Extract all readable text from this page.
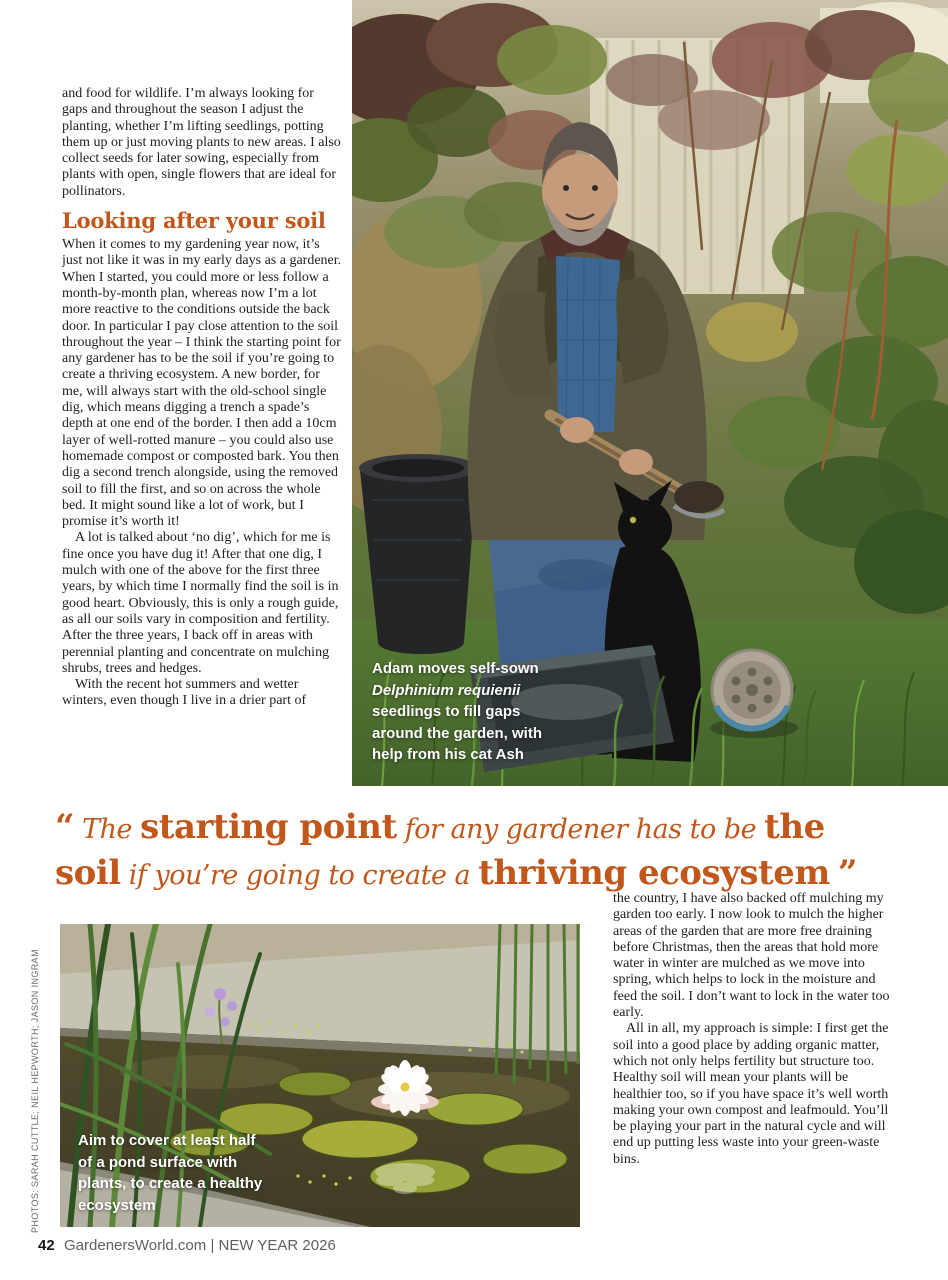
and food for wildlife. I’m always looking for gaps and throughout the season I adjust the planting, whether I’m lifting seedlings, potting them up or just moving plants to new areas. I also collect seeds for later sowing, especially from plants with open, single flowers that are ideal for pollinators.

Looking after your soil

When it comes to my gardening year now, it’s just not like it was in my early days as a gardener. When I started, you could more or less follow a month-by-month plan, whereas now I’m a lot more reactive to the conditions outside the back door. In particular I pay close attention to the soil throughout the year – I think the starting point for any gardener has to be the soil if you’re going to create a thriving ecosystem. A new border, for me, will always start with the old-school single dig, which means digging a trench a spade’s depth at one end of the border. I then add a 10cm layer of well-rotted manure – you could also use homemade compost or composted bark. You then dig a second trench alongside, using the removed soil to fill the first, and so on across the whole bed. It might sound like a lot of work, but I promise it’s worth it!

A lot is talked about ‘no dig’, which for me is fine once you have dug it! After that one dig, I mulch with one of the above for the first three years, by which time I normally find the soil is in good heart. Obviously, this is only a rough guide, as all our soils vary in composition and fertility. After the three years, I back off in areas with perennial planting and concentrate on mulching shrubs, trees and hedges.

With the recent hot summers and wetter winters, even though I live in a drier part of

Adam moves self-sown Delphinium requienii seedlings to fill gaps around the garden, with help from his cat Ash
“ The starting point for any gardener has to be the
soil if you’re going to create a thriving ecosystem ”
Aim to cover at least half of a pond surface with plants, to create a healthy ecosystem

the country, I have also backed off mulching my garden too early. I now look to mulch the higher areas of the garden that are more free draining before Christmas, then the areas that hold more water in winter are mulched as we move into spring, which helps to lock in the moisture and feed the soil. I don’t want to lock in the water too early.

All in all, my approach is simple: I first get the soil into a good place by adding organic matter, which not only helps fertility but structure too. Healthy soil will mean your plants will be healthier too, so if you have space it’s well worth making your own compost and leafmould. You’ll be playing your part in the natural cycle and will end up putting less waste into your green-waste bins.

PHOTOS: SARAH CUTTLE; NEIL HEPWORTH; JASON INGRAM
42 GardenersWorld.com | NEW YEAR 2026
